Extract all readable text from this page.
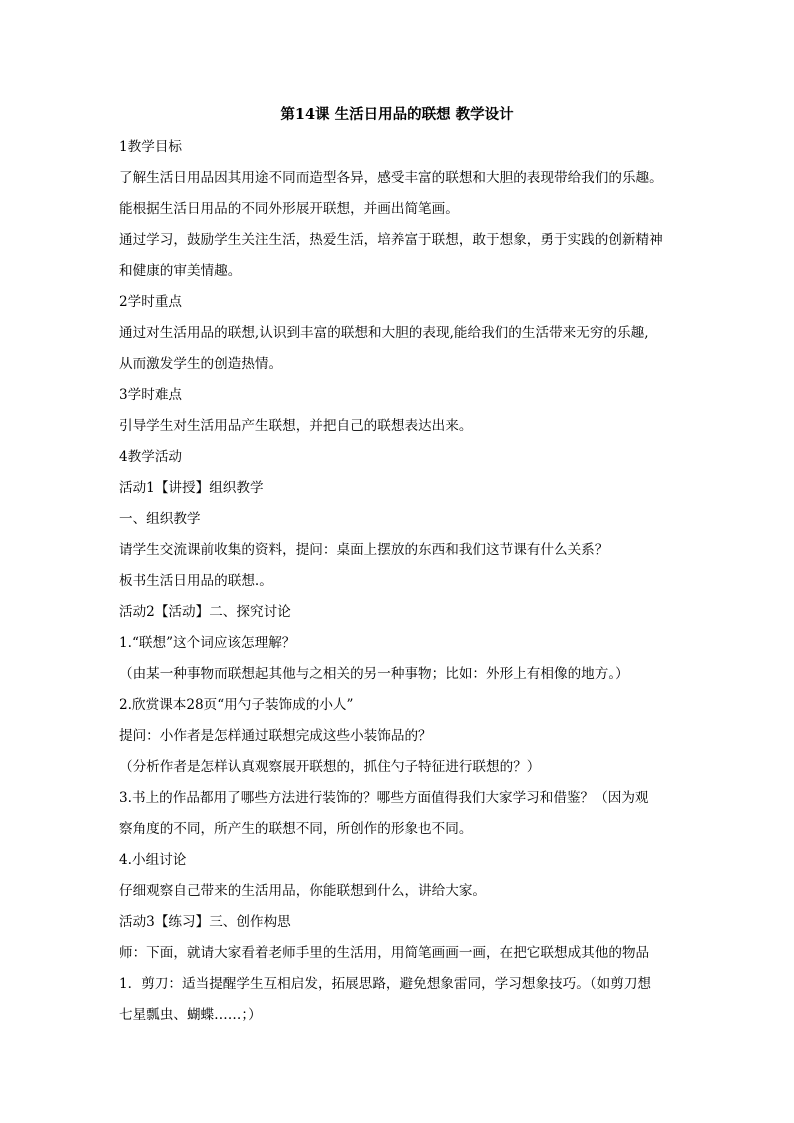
第14课 生活日用品的联想 教学设计
1教学目标
了解生活日用品因其用途不同而造型各异，感受丰富的联想和大胆的表现带给我们的乐趣。
能根据生活日用品的不同外形展开联想，并画出简笔画。
通过学习，鼓励学生关注生活，热爱生活，培养富于联想，敢于想象，勇于实践的创新精神
和健康的审美情趣。
2学时重点
通过对生活用品的联想,认识到丰富的联想和大胆的表现,能给我们的生活带来无穷的乐趣,
从而激发学生的创造热情。
3学时难点
引导学生对生活用品产生联想，并把自己的联想表达出来。
4教学活动
活动1【讲授】组织教学
一、组织教学
请学生交流课前收集的资料，提问：桌面上摆放的东西和我们这节课有什么关系？
板书生活日用品的联想.。
活动2【活动】二、探究讨论
1.“联想”这个词应该怎理解？
（由某一种事物而联想起其他与之相关的另一种事物；比如：外形上有相像的地方。）
2.欣赏课本28页“用勺子装饰成的小人”
提问：小作者是怎样通过联想完成这些小装饰品的？
（分析作者是怎样认真观察展开联想的，抓住勺子特征进行联想的？）
3.书上的作品都用了哪些方法进行装饰的？哪些方面值得我们大家学习和借鉴？（因为观
察角度的不同，所产生的联想不同，所创作的形象也不同。
4.小组讨论
仔细观察自己带来的生活用品，你能联想到什么，讲给大家。
活动3【练习】三、创作构思
师：下面，就请大家看着老师手里的生活用，用简笔画画一画，在把它联想成其他的物品
1．剪刀：适当提醒学生互相启发，拓展思路，避免想象雷同，学习想象技巧。（如剪刀想
七星瓢虫、蝴蝶……；）
